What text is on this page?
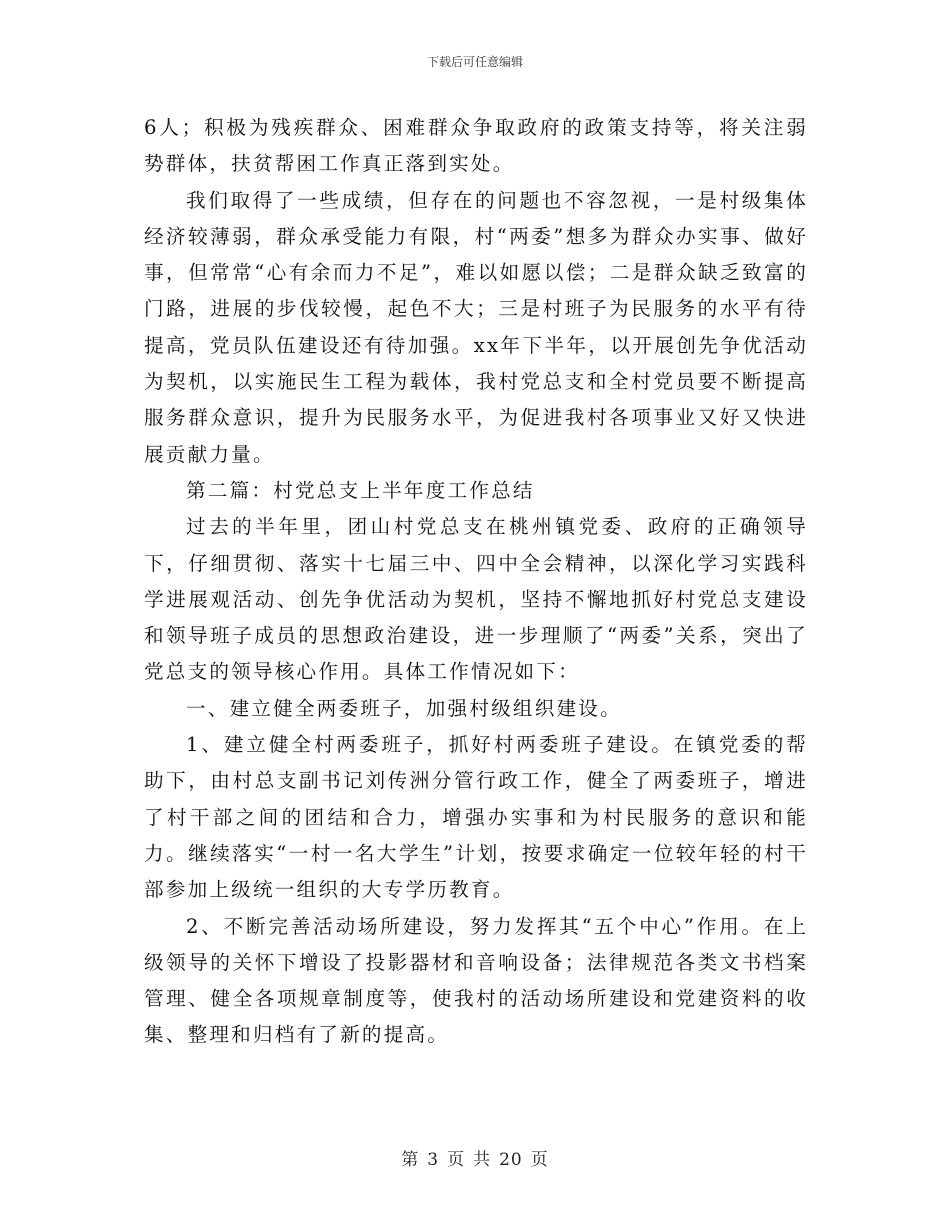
下载后可任意编辑

6人；积极为残疾群众、困难群众争取政府的政策支持等，将关注弱势群体，扶贫帮困工作真正落到实处。

我们取得了一些成绩，但存在的问题也不容忽视，一是村级集体经济较薄弱，群众承受能力有限，村“两委”想多为群众办实事、做好事，但常常“心有余而力不足”，难以如愿以偿；二是群众缺乏致富的门路，进展的步伐较慢，起色不大；三是村班子为民服务的水平有待提高，党员队伍建设还有待加强。xx年下半年，以开展创先争优活动为契机，以实施民生工程为载体，我村党总支和全村党员要不断提高服务群众意识，提升为民服务水平，为促进我村各项事业又好又快进展贡献力量。

第二篇：村党总支上半年度工作总结

过去的半年里，团山村党总支在桃州镇党委、政府的正确领导下，仔细贯彻、落实十七届三中、四中全会精神，以深化学习实践科学进展观活动、创先争优活动为契机，坚持不懈地抓好村党总支建设和领导班子成员的思想政治建设，进一步理顺了“两委”关系，突出了党总支的领导核心作用。具体工作情况如下：

一、建立健全两委班子，加强村级组织建设。

1、建立健全村两委班子，抓好村两委班子建设。在镇党委的帮助下，由村总支副书记刘传洲分管行政工作，健全了两委班子，增进了村干部之间的团结和合力，增强办实事和为村民服务的意识和能力。继续落实“一村一名大学生”计划，按要求确定一位较年轻的村干部参加上级统一组织的大专学历教育。

2、不断完善活动场所建设，努力发挥其“五个中心”作用。在上级领导的关怀下增设了投影器材和音响设备；法律规范各类文书档案管理、健全各项规章制度等，使我村的活动场所建设和党建资料的收集、整理和归档有了新的提高。

第 3 页 共 20 页
